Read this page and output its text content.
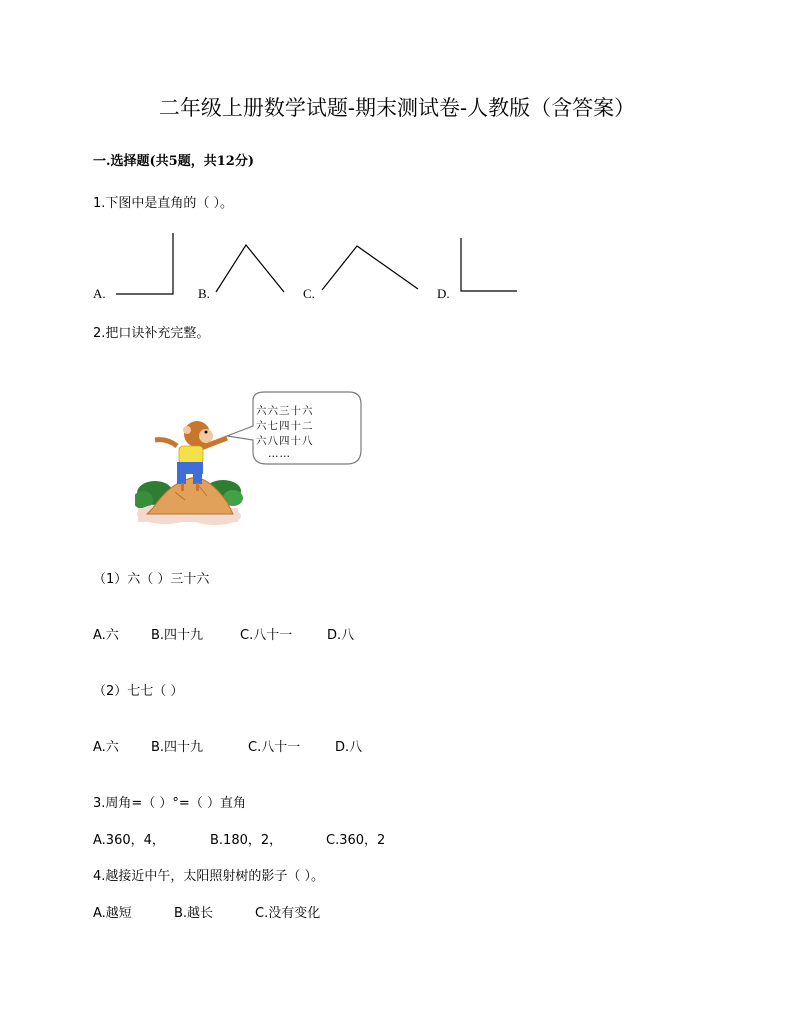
二年级上册数学试题-期末测试卷-人教版（含答案）
一.选择题(共5题，共12分)
1.下图中是直角的（ ）。
A.	B.	C.	D.
2.把口诀补充完整。
六六三十六
六七四十二
六八四十八
……
（1）六（ ）三十六
A.六 B.四十九	C.八十一	D.八
（2）七七（ ）
A.六 B.四十九	C.八十一	D.八
3.周角=（ ）°=（ ）直角
A.360，4，	B.180，2，	C.360，2
4.越接近中午，太阳照射树的影子（ ）。
A.越短	B.越长	C.没有变化
